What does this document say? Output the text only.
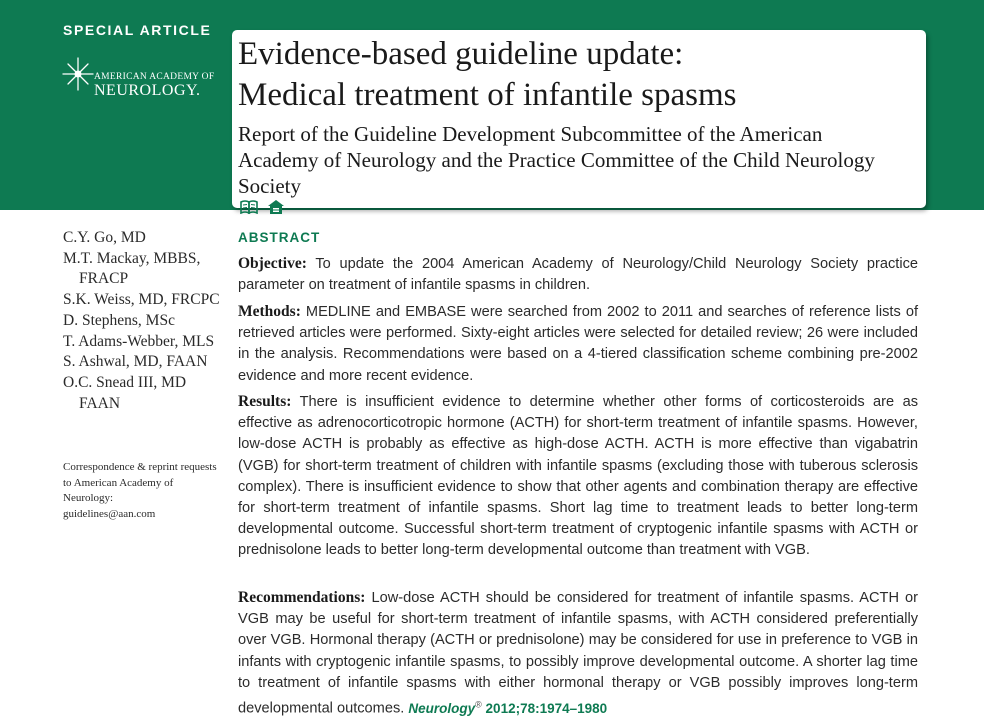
SPECIAL ARTICLE
AMERICAN ACADEMY OF
NEUROLOGY.
Evidence-based guideline update:
Medical treatment of infantile spasms
Report of the Guideline Development Subcommittee of the American Academy of Neurology and the Practice Committee of the Child Neurology Society

C.Y. Go, MD
M.T. Mackay, MBBS,
FRACP
S.K. Weiss, MD, FRCPC
D. Stephens, MSc
T. Adams-Webber, MLS
S. Ashwal, MD, FAAN
O.C. Snead III, MD
FAAN
Correspondence & reprint requests to American Academy of Neurology:
guidelines@aan.com
ABSTRACT
Objective: To update the 2004 American Academy of Neurology/Child Neurology Society practice parameter on treatment of infantile spasms in children.
Methods: MEDLINE and EMBASE were searched from 2002 to 2011 and searches of reference lists of retrieved articles were performed. Sixty-eight articles were selected for detailed review; 26 were included in the analysis. Recommendations were based on a 4-tiered classification scheme combining pre-2002 evidence and more recent evidence.
Results: There is insufficient evidence to determine whether other forms of corticosteroids are as effective as adrenocorticotropic hormone (ACTH) for short-term treatment of infantile spasms. However, low-dose ACTH is probably as effective as high-dose ACTH. ACTH is more effective than vigabatrin (VGB) for short-term treatment of children with infantile spasms (excluding those with tuberous sclerosis complex). There is insufficient evidence to show that other agents and combination therapy are effective for short-term treatment of infantile spasms. Short lag time to treatment leads to better long-term developmental outcome. Successful short-term treatment of cryptogenic infantile spasms with ACTH or prednisolone leads to better long-term developmental outcome than treatment with VGB.
Recommendations: Low-dose ACTH should be considered for treatment of infantile spasms. ACTH or VGB may be useful for short-term treatment of infantile spasms, with ACTH considered preferentially over VGB. Hormonal therapy (ACTH or prednisolone) may be considered for use in preference to VGB in infants with cryptogenic infantile spasms, to possibly improve developmental outcome. A shorter lag time to treatment of infantile spasms with either hormonal therapy or VGB possibly improves long-term developmental outcomes. Neurology® 2012;78:1974–1980
